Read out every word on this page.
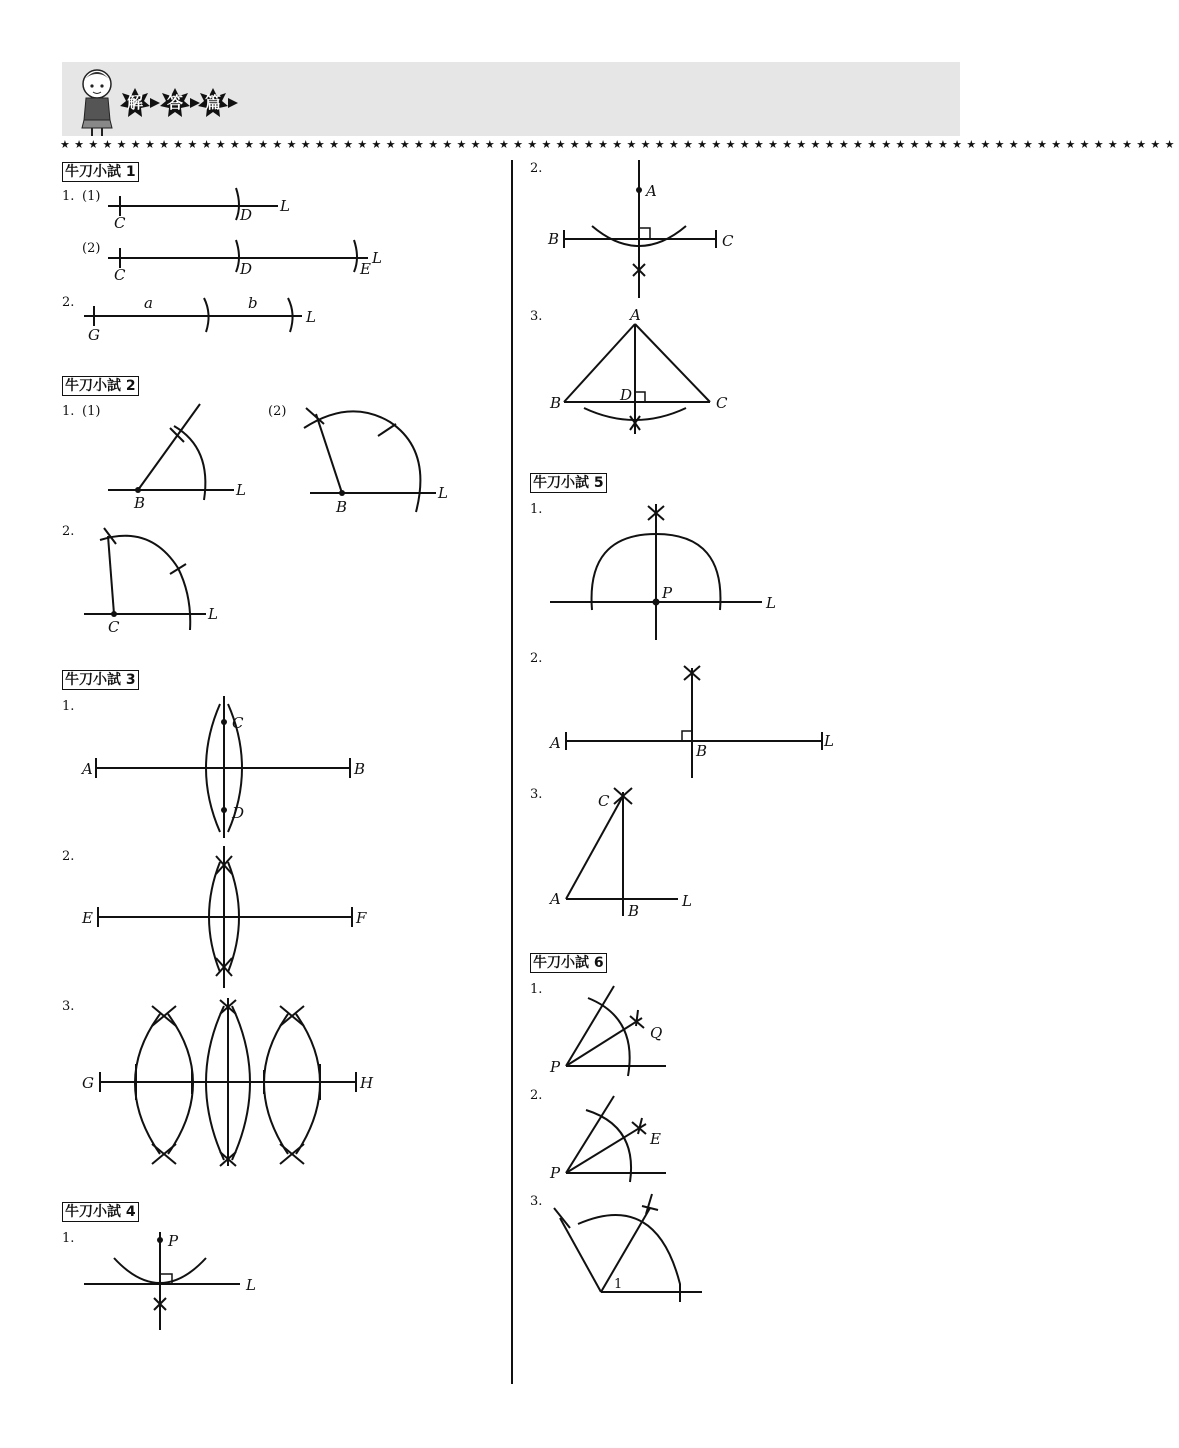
解	答	篇
★★★★★★★★★★★★★★★★★★★★★★★★★★★★★★★★★★★★★★★★★★★★★★★★★★★★★★★★★★★★★★★★★★★★★★★★★★★★★★★
牛刀小試 1
1. (1)
C	D L
(2)
C	D	E
L
2.
G
a	b
L
牛刀小試 2
1. (1)
B
L
(2)
B
L
2.
C
L
牛刀小試 3
1.
A	B
C
D
2.
E	F
3.
G	H
牛刀小試 4
1.	P
L
2.
A
B	C
3.	A
B	C
D
牛刀小試 5
1.
P
L
2.
A	B
L
3.	C
A
B
L
牛刀小試 6
1.
P
Q
2.
P
E
3.
1
